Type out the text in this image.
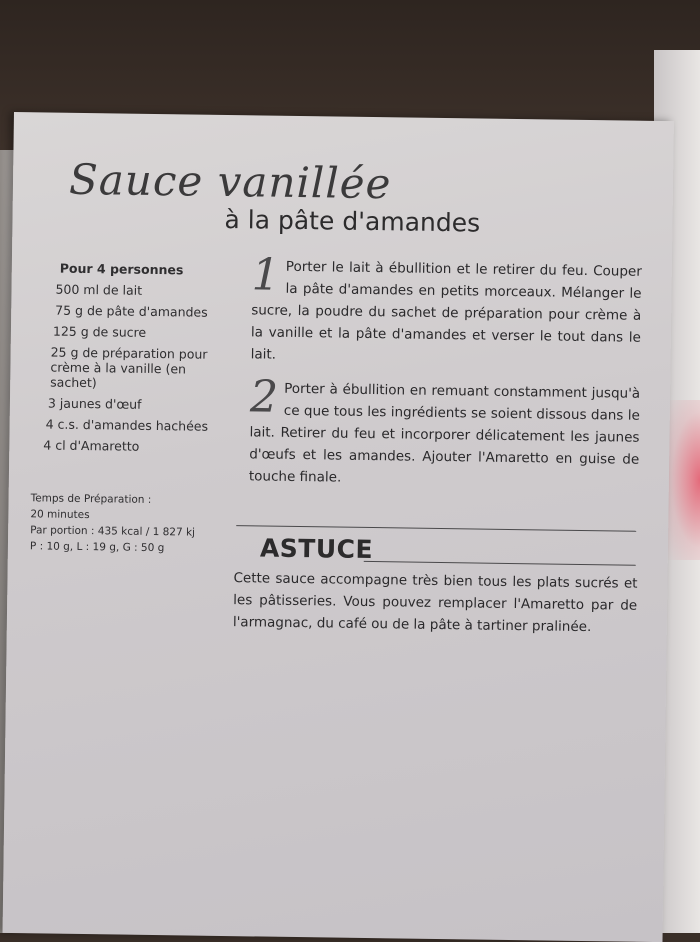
Sauce vanillée
à la pâte d'amandes
Pour 4 personnes
500 ml de lait
75 g de pâte d'amandes
125 g de sucre
25 g de préparation pour crème à la vanille (en sachet)
3 jaunes d'œuf
4 c.s. d'amandes hachées
4 cl d'Amaretto
Temps de Préparation :
20 minutes
Par portion : 435 kcal / 1 827 kj
P : 10 g, L : 19 g, G : 50 g
1 Porter le lait à ébullition et le retirer du feu. Couper la pâte d'amandes en petits morceaux. Mélanger le sucre, la poudre du sachet de préparation pour crème à la vanille et la pâte d'amandes et verser le tout dans le lait.
2 Porter à ébullition en remuant constamment jusqu'à ce que tous les ingrédients se soient dissous dans le lait. Retirer du feu et incorporer délicatement les jaunes d'œufs et les amandes. Ajouter l'Amaretto en guise de touche finale.
ASTUCE
Cette sauce accompagne très bien tous les plats sucrés et les pâtisseries. Vous pouvez remplacer l'Amaretto par de l'armagnac, du café ou de la pâte à tartiner pralinée.
